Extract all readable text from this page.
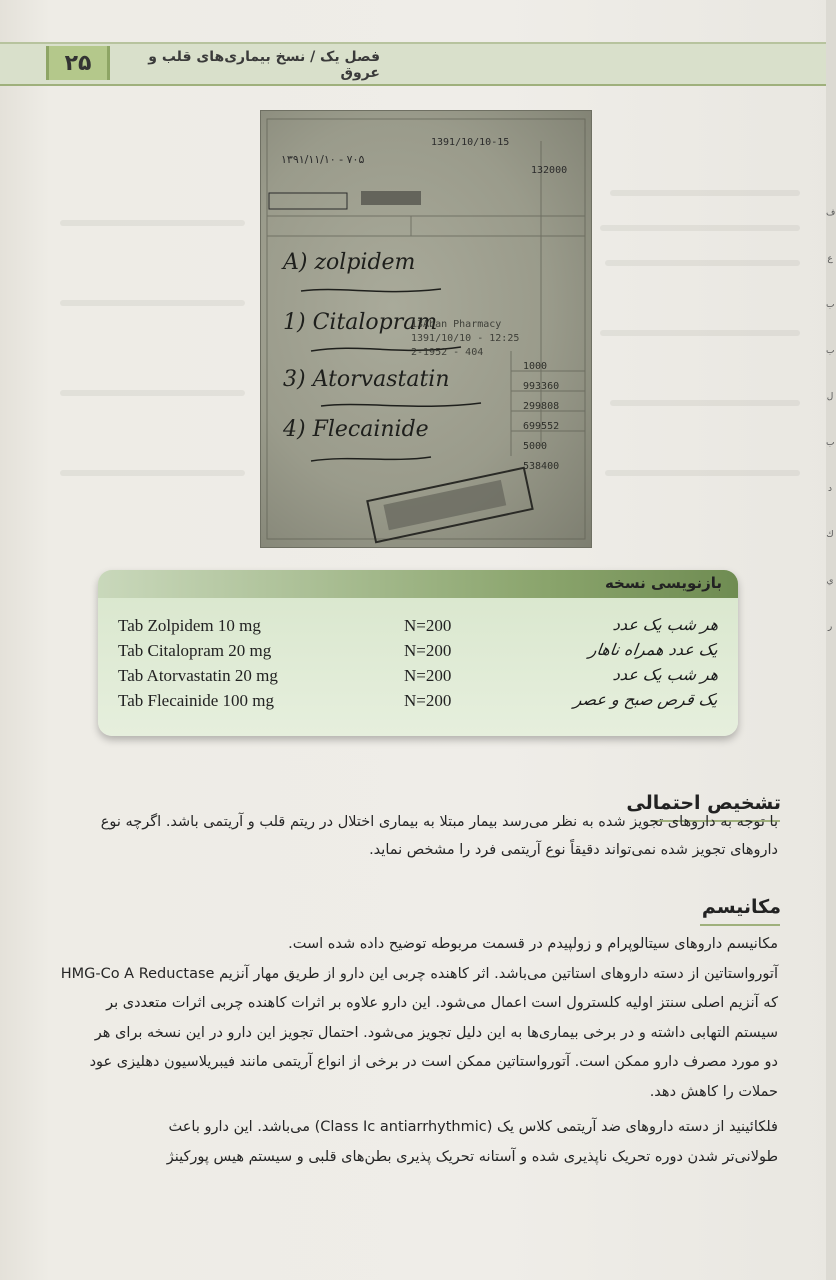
ف
ع
ب
ب
ل
ب
د
ك
ي
ر
۲۵	فصل یک / نسخ بیماری‌های قلب و عروق
1391/10/10-15
۱۳۹۱/۱۱/۱۰ - ۷۰۵
132000
A) zolpidem
1) Citalopram
3) Atorvastatin
4) Flecainide
13Aban Pharmacy
1391/10/10 - 12:25
2-1952 - 404
1000
993360
299808
699552
5000
538400
بازنویسی نسخه
Tab Zolpidem 10 mg	N=200	هر شب یک عدد
Tab Citalopram 20 mg	N=200	یک عدد همراه ناهار
Tab Atorvastatin 20 mg	N=200	هر شب یک عدد
Tab Flecainide 100 mg	N=200	یک قرص صبح و عصر
تشخیص احتمالی
با توجه به داروهای تجویز شده به نظر می‌رسد بیمار مبتلا به بیماری اختلال در ریتم قلب و آریتمی باشد. اگرچه نوع
داروهای تجویز شده نمی‌تواند دقیقاً نوع آریتمی فرد را مشخص نماید.
مکانیسم
مکانیسم داروهای سیتالوپرام و زولپیدم در قسمت مربوطه توضیح داده شده است.
آتورواستاتین از دسته داروهای استاتین می‌باشد. اثر کاهنده چربی این دارو از طریق مهار آنزیم HMG-Co A Reductase
که آنزیم اصلی سنتز اولیه کلسترول است اعمال می‌شود. این دارو علاوه بر اثرات کاهنده چربی اثرات متعددی بر
سیستم التهابی داشته و در برخی بیماری‌ها به این دلیل تجویز می‌شود. احتمال تجویز این دارو در این نسخه برای هر
دو مورد مصرف دارو ممکن است. آتورواستاتین ممکن است در برخی از انواع آریتمی مانند فیبریلاسیون دهلیزی عود
حملات را کاهش دهد.
فلکائینید از دسته داروهای ضد آریتمی کلاس یک (Class Ic antiarrhythmic) می‌باشد. این دارو باعث
طولانی‌تر شدن دوره تحریک ناپذیری شده و آستانه تحریک پذیری بطن‌های قلبی و سیستم هیس پورکینژ
